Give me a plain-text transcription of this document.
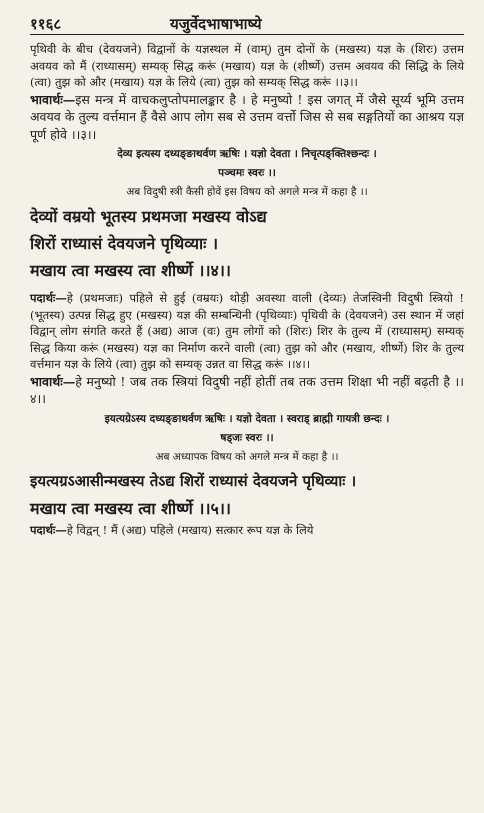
११६८	यजुर्वेदभाषाभाष्ये

पृथिवी के बीच (देवयजने) विद्वानों के यज्ञस्थल में (वाम्) तुम दोनों के (मखस्य) यज्ञ के (शिरः) उत्तम अवयव को मैं (राध्यासम्) सम्यक् सिद्ध करूं (मखाय) यज्ञ के (शीर्ष्णे) उत्तम अवयव की सिद्धि के लिये (त्वा) तुझ को और (मखाय) यज्ञ के लिये (त्वा) तुझ को सम्यक् सिद्ध करूं ।।३।।

भावार्थः—इस मन्त्र में वाचकलुप्तोपमालङ्कार है । हे मनुष्यो ! इस जगत् में जैसे सूर्य्य भूमि उत्तम अवयव के तुल्य वर्त्तमान हैं वैसे आप लोग सब से उत्तम वर्त्तो जिस से सब सङ्गतियों का आश्रय यज्ञ पूर्ण होवे ।।३।।

देव्य इत्यस्य दध्यङ्ङाथर्वण ऋषिः । यज्ञो देवता । निचृत्पङ्क्तिश्छन्दः ।

पञ्चमः स्वरः ।।

अब विदुषी स्त्री कैसी होवें इस विषय को अगले मन्त्र में कहा है ।।

देव्यों वम्रयो भूतस्य प्रथमजा मखस्य वोऽद्य

शिरों राध्यासं देवयजने पृथिव्याः ।

मखाय त्वा मखस्य त्वा शीर्ष्णे ।।४।।

पदार्थः—हे (प्रथमजाः) पहिले से हुई (वम्रयः) थोड़ी अवस्था वाली (देव्यः) तेजस्विनी विदुषी स्त्रियो ! (भूतस्य) उत्पन्न सिद्ध हुए (मखस्य) यज्ञ की सम्बन्धिनी (पृथिव्याः) पृथिवी के (देवयजने) उस स्थान में जहां विद्वान् लोग संगति करते हैं (अद्य) आज (वः) तुम लोगों को (शिरः) शिर के तुल्य में (राध्यासम्) सम्यक् सिद्ध किया करूं (मखस्य) यज्ञ का निर्माण करने वाली (त्वा) तुझ को और (मखाय, शीर्ष्णे) शिर के तुल्य वर्त्तमान यज्ञ के लिये (त्वा) तुझ को सम्यक् उन्नत वा सिद्ध करूं ।।४।।

भावार्थः—हे मनुष्यो ! जब तक स्त्रियां विदुषी नहीं होतीं तब तक उत्तम शिक्षा भी नहीं बढ़ती है ।।४।।

इयत्यग्रेऽस्य दध्यङ्ङाथर्वण ऋषिः । यज्ञो देवता । स्वराड् ब्राह्मी गायत्री छन्दः ।

षड्जः स्वरः ।।

अब अध्यापक विषय को अगले मन्त्र में कहा है ।।

इयत्यग्रऽआसीन्मखस्य तेऽद्य शिरों राध्यासं देवयजने पृथिव्याः ।

मखाय त्वा मखस्य त्वा शीर्ष्णे ।।५।।

पदार्थः—हे विद्वन् ! मैं (अद्य) पहिले (मखाय) सत्कार रूप यज्ञ के लिये
